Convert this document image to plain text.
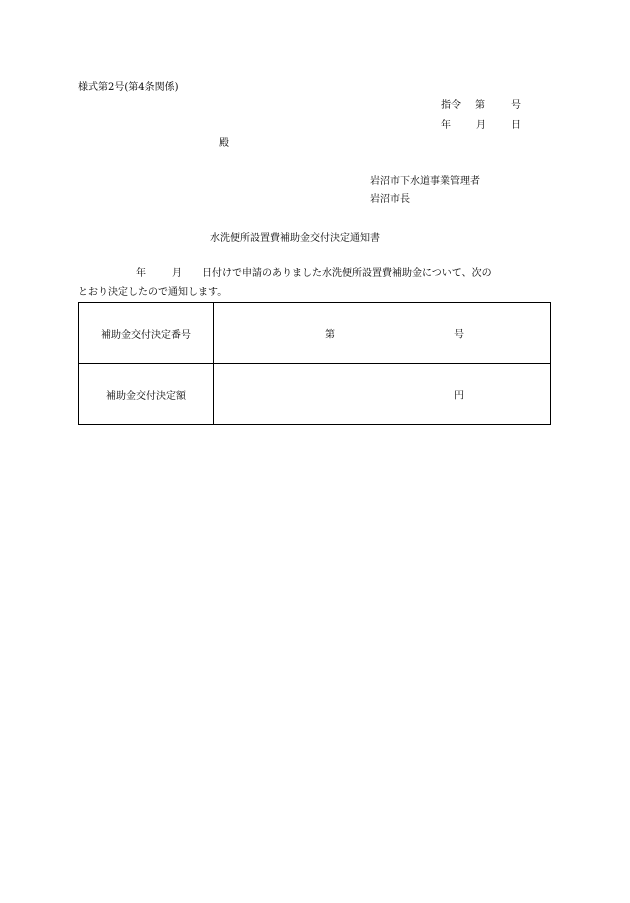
様式第2号(第4条関係)
指令 第	号
年	月	日
殿
岩沼市下水道事業管理者
岩沼市長
水洗便所設置費補助金交付決定通知書
年	月 日付けで申請のありました水洗便所設置費補助金について、次の
とおり決定したので通知します。
補助金交付決定番号	第 号

補助金交付決定額	円
